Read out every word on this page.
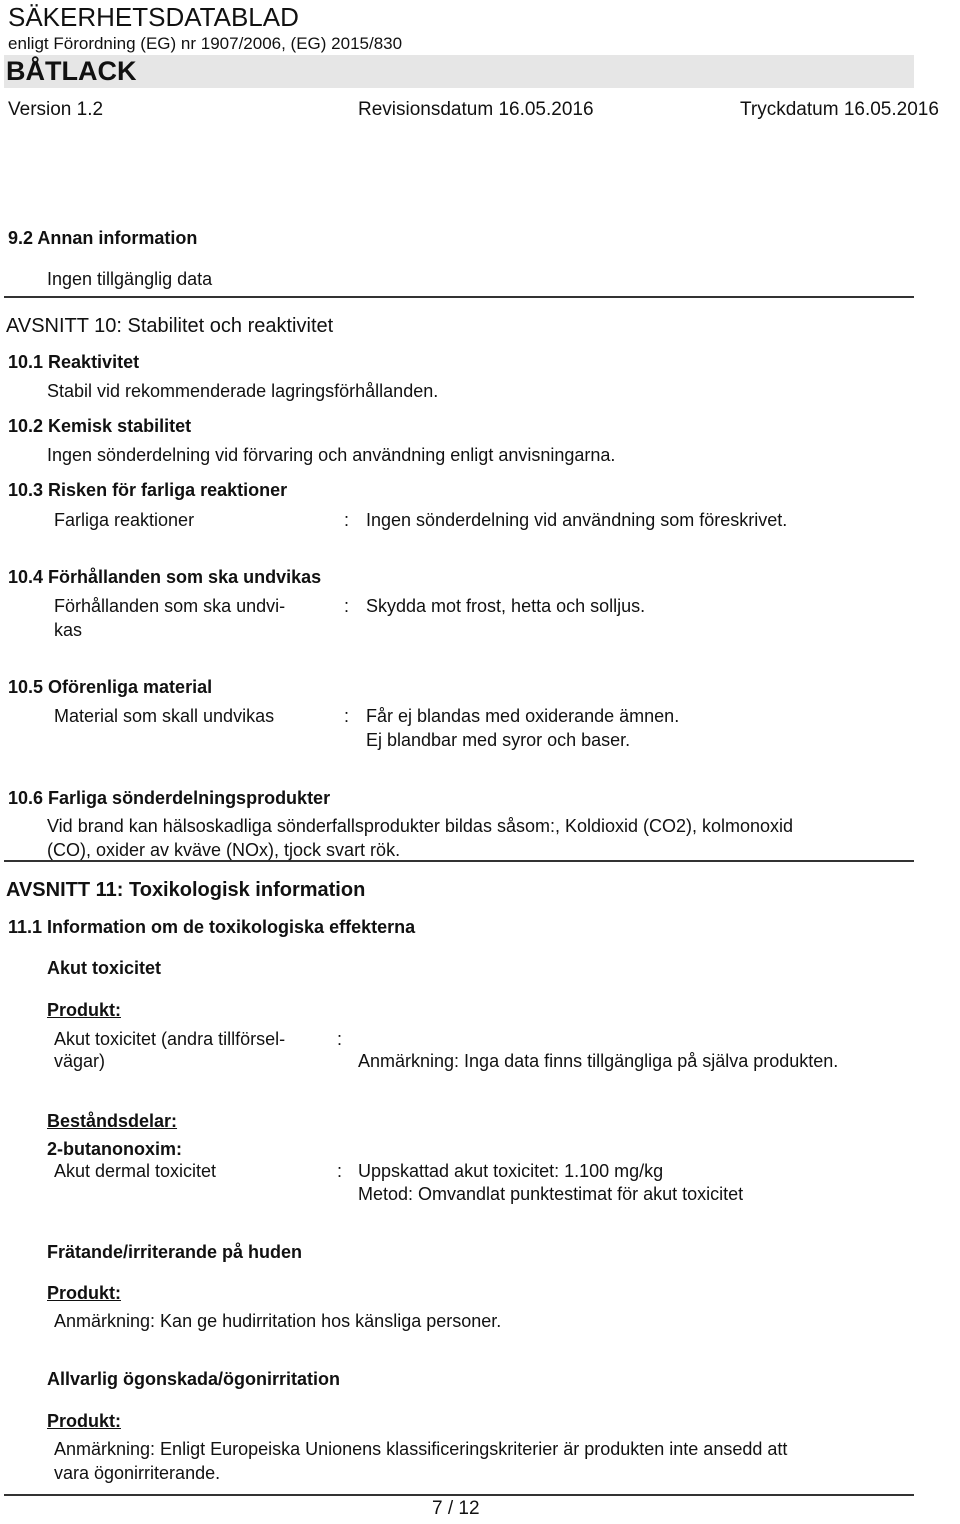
SÄKERHETSDATABLAD
enligt Förordning (EG) nr 1907/2006, (EG) 2015/830
BÅTLACK
Version 1.2	Revisionsdatum 16.05.2016	Tryckdatum 16.05.2016
9.2 Annan information
Ingen tillgänglig data
AVSNITT 10: Stabilitet och reaktivitet
10.1 Reaktivitet
Stabil vid rekommenderade lagringsförhållanden.
10.2 Kemisk stabilitet
Ingen sönderdelning vid förvaring och användning enligt anvisningarna.
10.3 Risken för farliga reaktioner
Farliga reaktioner	: Ingen sönderdelning vid användning som föreskrivet.
10.4 Förhållanden som ska undvikas
Förhållanden som ska undvi-
kas
: Skydda mot frost, hetta och solljus.
10.5 Oförenliga material
Material som skall undvikas	: Får ej blandas med oxiderande ämnen.
Ej blandbar med syror och baser.
10.6 Farliga sönderdelningsprodukter
Vid brand kan hälsoskadliga sönderfallsprodukter bildas såsom:, Koldioxid (CO2), kolmonoxid
(CO), oxider av kväve (NOx), tjock svart rök.
AVSNITT 11: Toxikologisk information
11.1 Information om de toxikologiska effekterna
Akut toxicitet
Produkt:
Akut toxicitet (andra tillförsel-
vägar)
:
Anmärkning: Inga data finns tillgängliga på själva produkten.
Beståndsdelar:
2-butanonoxim:
Akut dermal toxicitet	: Uppskattad akut toxicitet: 1.100 mg/kg
Metod: Omvandlat punktestimat för akut toxicitet
Frätande/irriterande på huden
Produkt:
Anmärkning: Kan ge hudirritation hos känsliga personer.
Allvarlig ögonskada/ögonirritation
Produkt:
Anmärkning: Enligt Europeiska Unionens klassificeringskriterier är produkten inte ansedd att
vara ögonirriterande.
7 / 12
